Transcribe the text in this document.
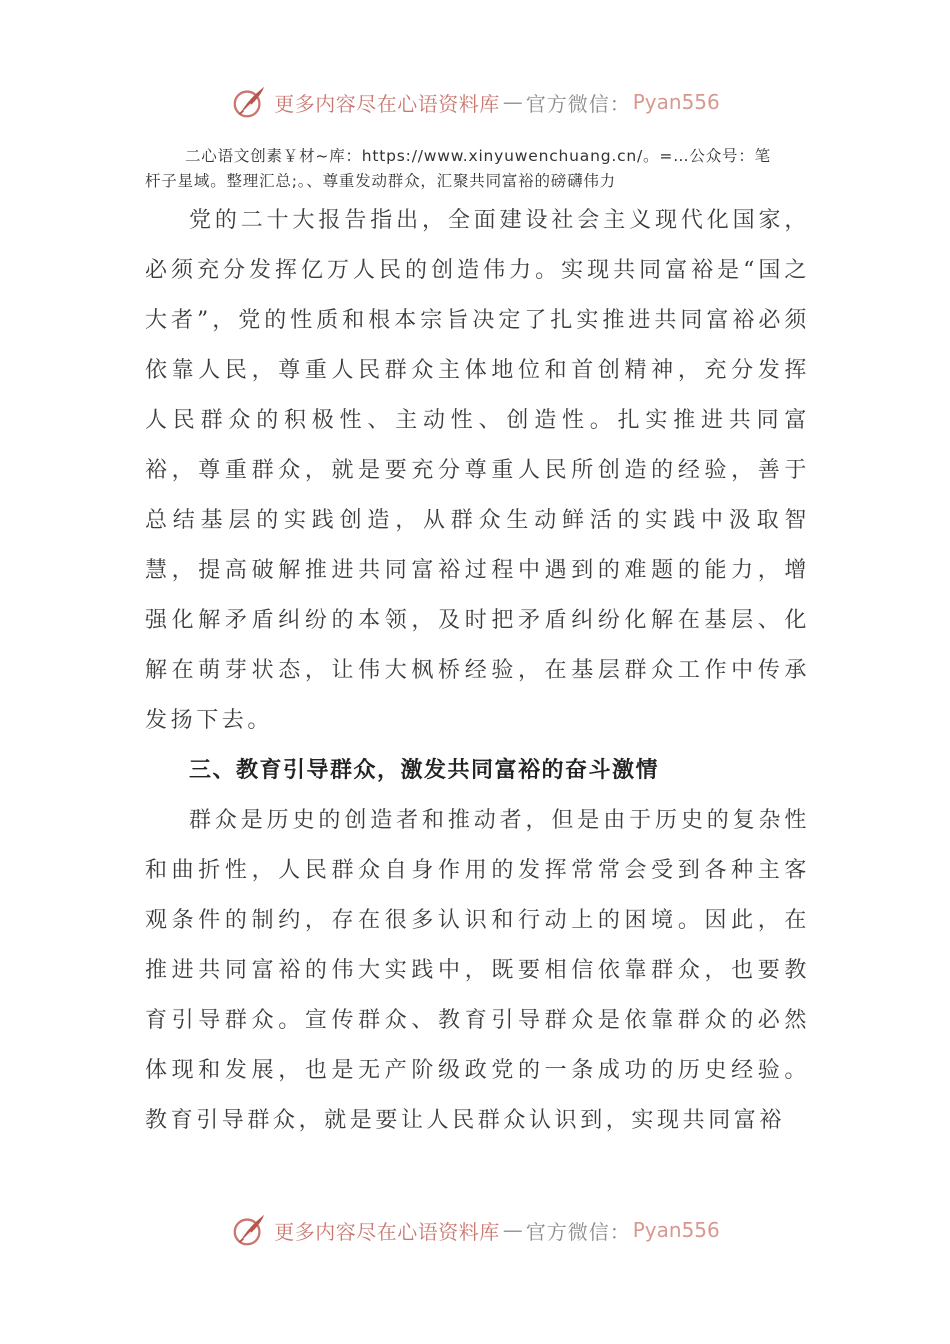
更多内容尽在心语资料库 — 官方微信： Pyan556
二心语文创素￥材~库：https://www.xinyuwenchuang.cn/。=…公众号：笔
杆子星域。整理汇总;。、尊重发动群众，汇聚共同富裕的磅礴伟力

党的二十大报告指出，全面建设社会主义现代化国家，必须充分发挥亿万人民的创造伟力。实现共同富裕是“国之大者”，党的性质和根本宗旨决定了扎实推进共同富裕必须依靠人民，尊重人民群众主体地位和首创精神，充分发挥人民群众的积极性、主动性、创造性。扎实推进共同富裕，尊重群众，就是要充分尊重人民所创造的经验，善于总结基层的实践创造，从群众生动鲜活的实践中汲取智慧，提高破解推进共同富裕过程中遇到的难题的能力，增强化解矛盾纠纷的本领，及时把矛盾纠纷化解在基层、化解在萌芽状态，让伟大枫桥经验，在基层群众工作中传承发扬下去。

三、教育引导群众，激发共同富裕的奋斗激情

群众是历史的创造者和推动者，但是由于历史的复杂性和曲折性，人民群众自身作用的发挥常常会受到各种主客观条件的制约，存在很多认识和行动上的困境。因此，在推进共同富裕的伟大实践中，既要相信依靠群众，也要教育引导群众。宣传群众、教育引导群众是依靠群众的必然体现和发展，也是无产阶级政党的一条成功的历史经验。教育引导群众，就是要让人民群众认识到，实现共同富裕

更多内容尽在心语资料库 — 官方微信： Pyan556
